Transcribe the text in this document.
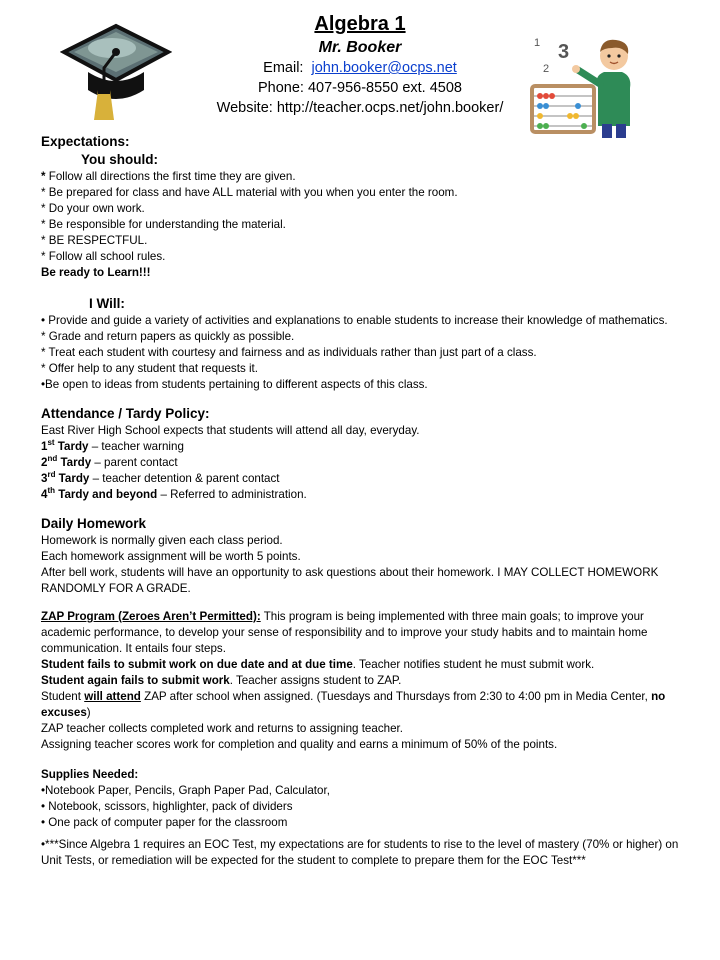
1 3
2
Algebra 1
Mr. Booker
Email: john.booker@ocps.net
Phone: 407-956-8550 ext. 4508
Website: http://teacher.ocps.net/john.booker/

Expectations:

You should:

* Follow all directions the first time they are given.

* Be prepared for class and have ALL material with you when you enter the room.

* Do your own work.

* Be responsible for understanding the material.

* BE RESPECTFUL.

* Follow all school rules.

Be ready to Learn!!!

I Will:

• Provide and guide a variety of activities and explanations to enable students to increase their knowledge of mathematics.

* Grade and return papers as quickly as possible.

* Treat each student with courtesy and fairness and as individuals rather than just part of a class.

* Offer help to any student that requests it.

•Be open to ideas from students pertaining to different aspects of this class.

Attendance / Tardy Policy:

East River High School expects that students will attend all day, everyday.

1st Tardy – teacher warning

2nd Tardy – parent contact

3rd Tardy – teacher detention & parent contact

4th Tardy and beyond – Referred to administration.

Daily Homework

Homework is normally given each class period.

Each homework assignment will be worth 5 points.

After bell work, students will have an opportunity to ask questions about their homework. I MAY COLLECT HOMEWORK RANDOMLY FOR A GRADE.

ZAP Program (Zeroes Aren’t Permitted): This program is being implemented with three main goals; to improve your academic performance, to develop your sense of responsibility and to improve your study habits and to maintain home communication. It entails four steps.

Student fails to submit work on due date and at due time. Teacher notifies student he must submit work.

Student again fails to submit work. Teacher assigns student to ZAP.

Student will attend ZAP after school when assigned. (Tuesdays and Thursdays from 2:30 to 4:00 pm in Media Center, no excuses)

ZAP teacher collects completed work and returns to assigning teacher.

Assigning teacher scores work for completion and quality and earns a minimum of 50% of the points.

Supplies Needed:

•Notebook Paper, Pencils, Graph Paper Pad, Calculator,

• Notebook, scissors, highlighter, pack of dividers

• One pack of computer paper for the classroom

•***Since Algebra 1 requires an EOC Test, my expectations are for students to rise to the level of mastery (70% or higher) on Unit Tests, or remediation will be expected for the student to complete to prepare them for the EOC Test***
